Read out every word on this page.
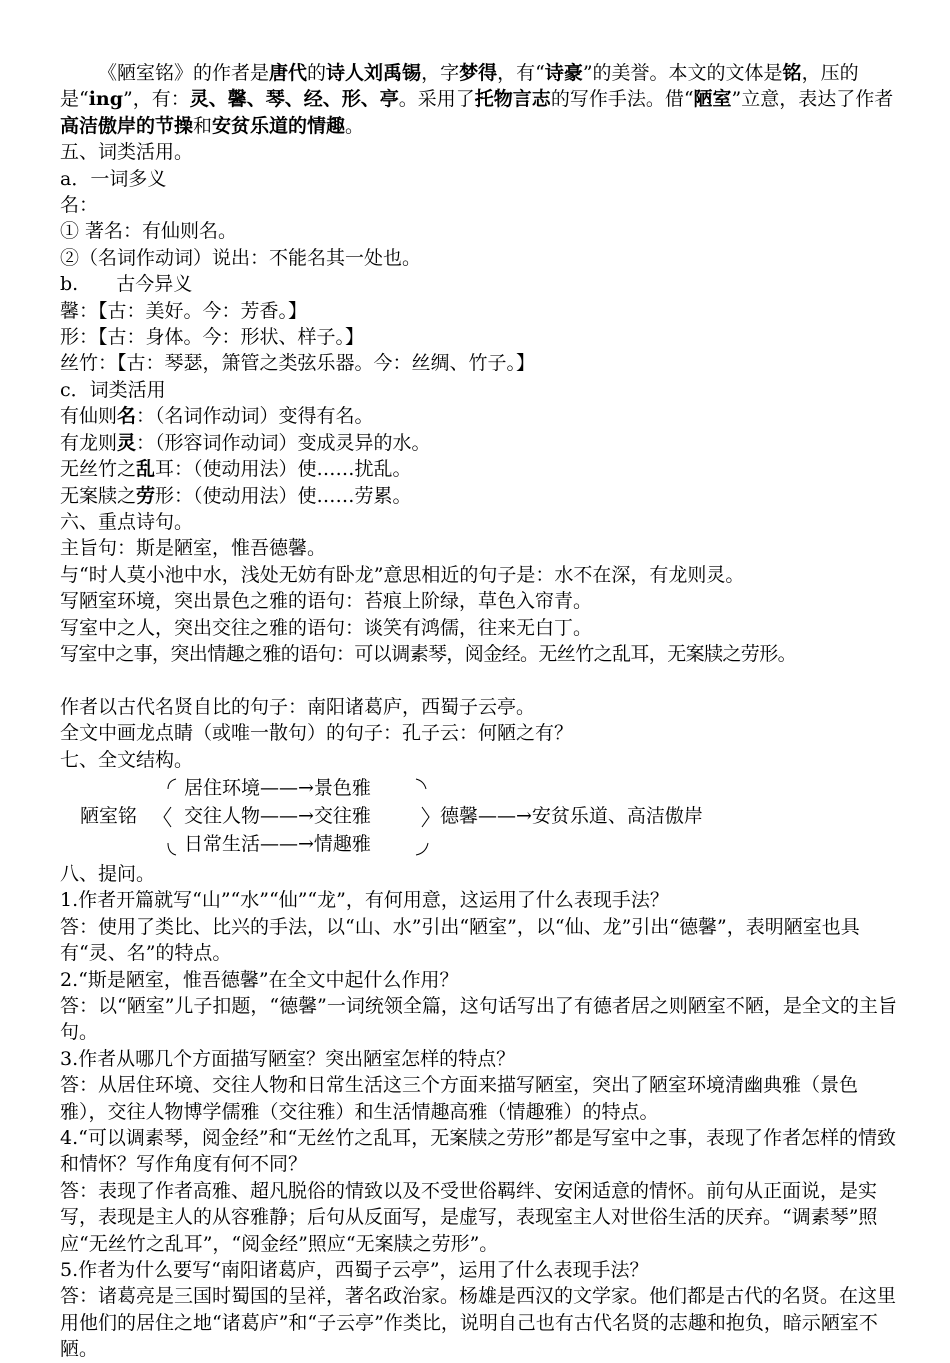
《陋室铭》的作者是唐代的诗人刘禹锡，字梦得，有“诗豪”的美誉。本文的文体是铭，压的是“ing”，有：灵、馨、琴、经、形、亭。采用了托物言志的写作手法。借“陋室”立意，表达了作者高洁傲岸的节操和安贫乐道的情趣。
五、词类活用。
a．一词多义
名：
① 著名：有仙则名。
②（名词作动词）说出：不能名其一处也。
b.　　古今异义
馨：【古：美好。今：芳香。】
形：【古：身体。今：形状、样子。】
丝竹：【古：琴瑟，箫管之类弦乐器。今：丝绸、竹子。】
c．词类活用
有仙则名：（名词作动词）变得有名。
有龙则灵：（形容词作动词）变成灵异的水。
无丝竹之乱耳：（使动用法）使……扰乱。
无案牍之劳形：（使动用法）使……劳累。
六、重点诗句。
主旨句：斯是陋室，惟吾德馨。
与“时人莫小池中水，浅处无妨有卧龙”意思相近的句子是：水不在深，有龙则灵。
写陋室环境，突出景色之雅的语句：苔痕上阶绿，草色入帘青。
写室中之人，突出交往之雅的语句：谈笑有鸿儒，往来无白丁。
写室中之事，突出情趣之雅的语句：可以调素琴，阅金经。无丝竹之乱耳，无案牍之劳形。
作者以古代名贤自比的句子：南阳诸葛庐，西蜀子云亭。
全文中画龙点睛（或唯一散句）的句子：孔子云：何陋之有？
七、全文结构。
陋室铭
居住环境——→景色雅
交往人物——→交往雅
日常生活——→情趣雅
德馨——→安贫乐道、高洁傲岸
八、提问。
1.作者开篇就写“山”“水”“仙”“龙”，有何用意，这运用了什么表现手法？
答：使用了类比、比兴的手法，以“山、水”引出“陋室”，以“仙、龙”引出“德馨”，表明陋室也具有“灵、名”的特点。
2.“斯是陋室，惟吾德馨”在全文中起什么作用？
答：以“陋室”儿子扣题，“德馨”一词统领全篇，这句话写出了有德者居之则陋室不陋，是全文的主旨句。
3.作者从哪几个方面描写陋室？突出陋室怎样的特点？
答：从居住环境、交往人物和日常生活这三个方面来描写陋室，突出了陋室环境清幽典雅（景色雅），交往人物博学儒雅（交往雅）和生活情趣高雅（情趣雅）的特点。
4.“可以调素琴，阅金经”和“无丝竹之乱耳，无案牍之劳形”都是写室中之事，表现了作者怎样的情致和情怀？写作角度有何不同？
答：表现了作者高雅、超凡脱俗的情致以及不受世俗羁绊、安闲适意的情怀。前句从正面说，是实写，表现是主人的从容雅静；后句从反面写，是虚写，表现室主人对世俗生活的厌弃。“调素琴”照应“无丝竹之乱耳”，“阅金经”照应“无案牍之劳形”。
5.作者为什么要写“南阳诸葛庐，西蜀子云亭”，运用了什么表现手法？
答：诸葛亮是三国时蜀国的呈祥，著名政治家。杨雄是西汉的文学家。他们都是古代的名贤。在这里用他们的居住之地“诸葛庐”和“子云亭”作类比，说明自己也有古代名贤的志趣和抱负，暗示陋室不陋。
